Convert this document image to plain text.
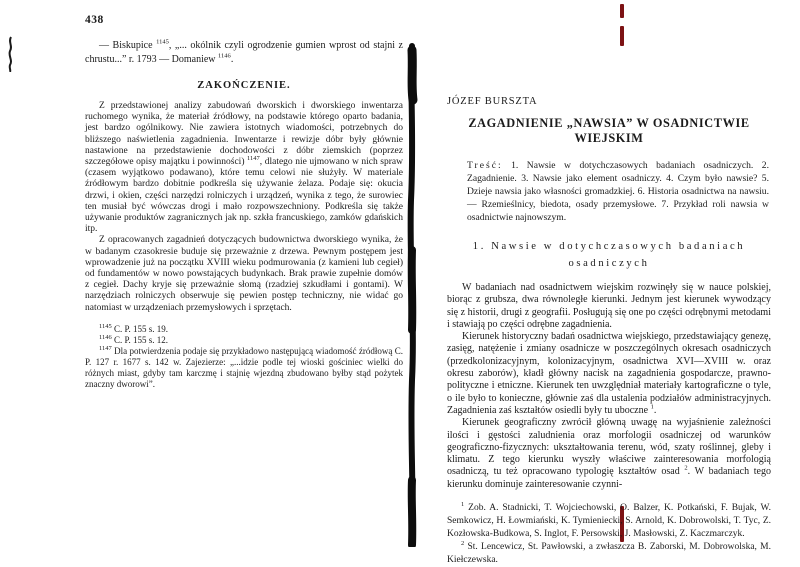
438
— Biskupice $^{1145}$, „... okólnik czyli ogrodzenie gumien wprost od stajni z chrustu...” r. 1793 — Domaniew $^{1146}$.
ZAKOŃCZENIE.

Z przedstawionej analizy zabudowań dworskich i dworskiego inwentarza ruchomego wynika, że materiał źródłowy, na podstawie którego oparto badania, jest bardzo ogólnikowy. Nie zawiera istotnych wiadomości, potrzebnych do bliższego naświetlenia zagadnienia. Inwentarze i rewizje dóbr były głównie nastawione na przedstawienie dochodowości z dóbr ziemskich (poprzez szczegółowe opisy majątku i powinności) $^{1147}$, dlatego nie ujmowano w nich spraw (czasem wyjątkowo podawano), które temu celowi nie służyły. W materiale źródłowym bardzo dobitnie podkreśla się używanie żelaza. Podaje się: okucia drzwi, i okien, części narzędzi rolniczych i urządzeń, wynika z tego, że surowiec ten musiał być wówczas drogi i mało rozpowszechniony. Podkreśla się także używanie produktów zagranicznych jak np. szkła francuskiego, zamków gdańskich itp.

Z opracowanych zagadnień dotyczących budownictwa dworskiego wynika, że w badanym czasokresie buduje się przeważnie z drzewa. Pewnym postępem jest wprowadzenie już na początku XVIII wieku podmurowania (z kamieni lub cegieł) od fundamentów w nowo powstających budynkach. Brak prawie zupełnie domów z cegieł. Dachy kryje się przeważnie słomą (rzadziej szkudłami i gontami). W narzędziach rolniczych obserwuje się pewien postęp techniczny, nie widać go natomiast w urządzeniach przemysłowych i sprzętach.

$^{1145}$ C. P. 155 s. 19.

$^{1146}$ C. P. 155 s. 12.

$^{1147}$ Dla potwierdzenia podaje się przykładowo następującą wiadomość źródłową C. P. 127 r. 1677 s. 142 w. Zajezierze: „...idzie podle tej wioski gościniec wielki do różnych miast, gdyby tam karczmę i stajnię wjezdną zbudowano byłby stąd pożytek znaczny dworowi”.

JÓZEF BURSZTA
ZAGADNIENIE „NAWSIA” W OSADNICTWIE WIEJSKIM
Treść: 1. Nawsie w dotychczasowych badaniach osadniczych. 2. Zagadnienie. 3. Nawsie jako element osadniczy. 4. Czym było nawsie? 5. Dzieje nawsia jako własności gromadzkiej. 6. Historia osadnictwa na nawsiu. — Rzemieślnicy, biedota, osady przemysłowe. 7. Przykład roli nawsia w osadnictwie najnowszym.
1. Nawsie w dotychczasowych badaniach
osadniczych

W badaniach nad osadnictwem wiejskim rozwinęły się w nauce polskiej, biorąc z grubsza, dwa równoległe kierunki. Jednym jest kierunek wywodzący się z historii, drugi z geografii. Posługują się one po części odrębnymi metodami i stawiają po części odrębne zagadnienia.

Kierunek historyczny badań osadnictwa wiejskiego, przedstawiający genezę, zasięg, natężenie i zmiany osadnicze w poszczególnych okresach osadniczych (przedkolonizacyjnym, kolonizacyjnym, osadnictwa XVI—XVIII w. oraz okresu zaborów), kładł główny nacisk na zagadnienia gospodarcze, prawno-polityczne i etniczne. Kierunek ten uwzględniał materiały kartograficzne o tyle, o ile było to konieczne, głównie zaś dla ustalenia podziałów administracyjnych. Zagadnienia zaś kształtów osiedli były tu uboczne $^1$.

Kierunek geograficzny zwrócił główną uwagę na wyjaśnienie zależności ilości i gęstości zaludnienia oraz morfologii osadniczej od warunków geograficzno-fizycznych: ukształtowania terenu, wód, szaty roślinnej, gleby i klimatu. Z tego kierunku wyszły właściwe zainteresowania morfologią osadniczą, tu też opracowano typologię kształtów osad $^2$. W badaniach tego kierunku dominuje zainteresowanie czynni-

$^1$ Zob. A. Stadnicki, T. Wojciechowski, O. Balzer, K. Potkański, F. Bujak, W. Semkowicz, H. Łowmiański, K. Tymieniecki, S. Arnold, K. Dobrowolski, T. Tyc, Z. Kozłowska-Budkowa, S. Inglot, F. Persowski, J. Masłowski, Z. Kaczmarczyk.

$^2$ St. Lencewicz, St. Pawłowski, a zwłaszcza B. Zaborski, M. Dobrowolska, M. Kiełczewska.
